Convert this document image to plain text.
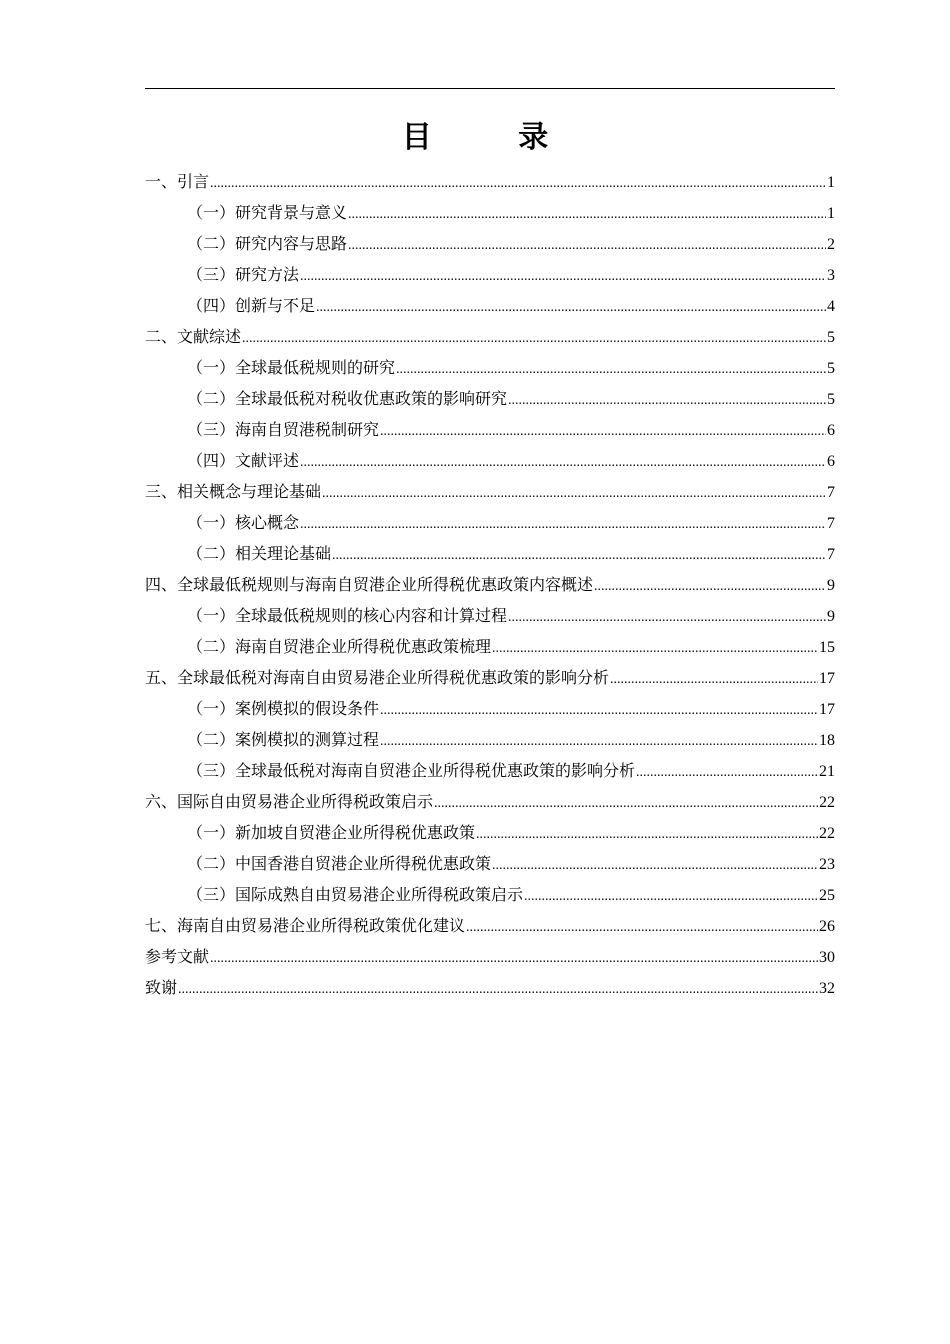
目 录
一、引言 .....	1
（一）研究背景与意义 .....	1
（二）研究内容与思路 .....	2
（三）研究方法 .....	3
（四）创新与不足 .....	4
二、文献综述 .....	5
（一）全球最低税规则的研究 .....	5
（二）全球最低税对税收优惠政策的影响研究 .....	5
（三）海南自贸港税制研究 .....	6
（四）文献评述 .....	6
三、相关概念与理论基础 .....	7
（一）核心概念 .....	7
（二）相关理论基础 .....	7
四、全球最低税规则与海南自贸港企业所得税优惠政策内容概述 .....	9
（一）全球最低税规则的核心内容和计算过程 .....	9
（二）海南自贸港企业所得税优惠政策梳理 .....	15
五、全球最低税对海南自由贸易港企业所得税优惠政策的影响分析 .....	17
（一）案例模拟的假设条件 .....	17
（二）案例模拟的测算过程 .....	18
（三）全球最低税对海南自贸港企业所得税优惠政策的影响分析 .....	21
六、国际自由贸易港企业所得税政策启示 .....	22
（一）新加坡自贸港企业所得税优惠政策 .....	22
（二）中国香港自贸港企业所得税优惠政策 .....	23
（三）国际成熟自由贸易港企业所得税政策启示 .....	25
七、海南自由贸易港企业所得税政策优化建议 .....	26
参考文献 .....	30
致谢 .....	32
